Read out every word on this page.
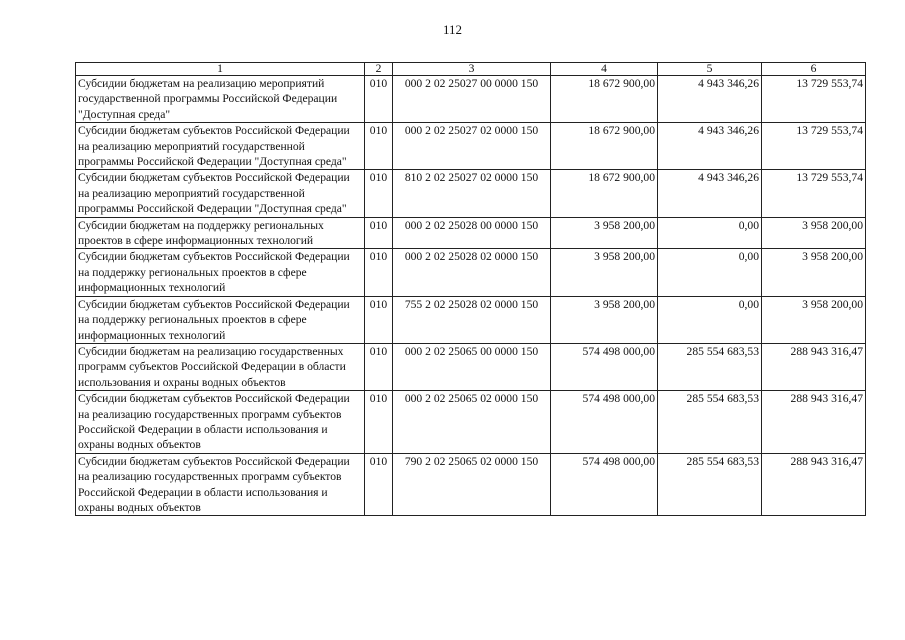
112
1	2	3	4	5	6
Субсидии бюджетам на реализацию мероприятий государственной программы Российской Федерации "Доступная среда"	010	000 2 02 25027 00 0000 150	18 672 900,00	4 943 346,26	13 729 553,74
Субсидии бюджетам субъектов Российской Федерации на реализацию мероприятий государственной программы Российской Федерации "Доступная среда"	010	000 2 02 25027 02 0000 150	18 672 900,00	4 943 346,26	13 729 553,74
Субсидии бюджетам субъектов Российской Федерации на реализацию мероприятий государственной программы Российской Федерации "Доступная среда"	010	810 2 02 25027 02 0000 150	18 672 900,00	4 943 346,26	13 729 553,74
Субсидии бюджетам на поддержку региональных проектов в сфере информационных технологий	010	000 2 02 25028 00 0000 150	3 958 200,00	0,00	3 958 200,00
Субсидии бюджетам субъектов Российской Федерации на поддержку региональных проектов в сфере информационных технологий	010	000 2 02 25028 02 0000 150	3 958 200,00	0,00	3 958 200,00
Субсидии бюджетам субъектов Российской Федерации на поддержку региональных проектов в сфере информационных технологий	010	755 2 02 25028 02 0000 150	3 958 200,00	0,00	3 958 200,00
Субсидии бюджетам на реализацию государственных программ субъектов Российской Федерации в области использования и охраны водных объектов	010	000 2 02 25065 00 0000 150	574 498 000,00	285 554 683,53	288 943 316,47
Субсидии бюджетам субъектов Российской Федерации на реализацию государственных программ субъектов Российской Федерации в области использования и охраны водных объектов	010	000 2 02 25065 02 0000 150	574 498 000,00	285 554 683,53	288 943 316,47
Субсидии бюджетам субъектов Российской Федерации на реализацию государственных программ субъектов Российской Федерации в области использования и охраны водных объектов	010	790 2 02 25065 02 0000 150	574 498 000,00	285 554 683,53	288 943 316,47
